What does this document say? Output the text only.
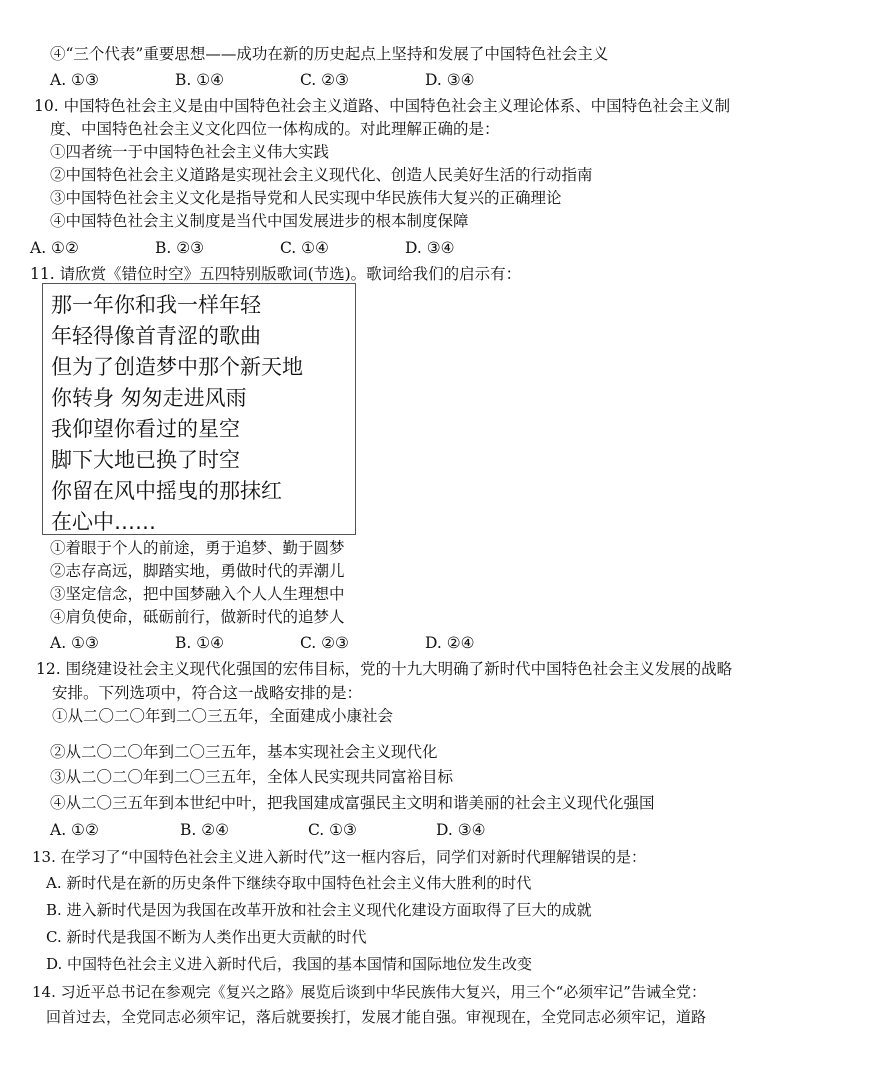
④“三个代表”重要思想——成功在新的历史起点上坚持和发展了中国特色社会主义
A. ①③	B. ①④	C. ②③	D. ③④
10. 中国特色社会主义是由中国特色社会主义道路、中国特色社会主义理论体系、中国特色社会主义制
度、中国特色社会主义文化四位一体构成的。对此理解正确的是：
①四者统一于中国特色社会主义伟大实践
②中国特色社会主义道路是实现社会主义现代化、创造人民美好生活的行动指南
③中国特色社会主义文化是指导党和人民实现中华民族伟大复兴的正确理论
④中国特色社会主义制度是当代中国发展进步的根本制度保障
A. ①②	B. ②③	C. ①④	D. ③④
11. 请欣赏《错位时空》五四特别版歌词(节选)。歌词给我们的启示有：
那一年你和我一样年轻
年轻得像首青涩的歌曲
但为了创造梦中那个新天地
你转身 匆匆走进风雨
我仰望你看过的星空
脚下大地已换了时空
你留在风中摇曳的那抹红
在心中……
①着眼于个人的前途，勇于追梦、勤于圆梦
②志存高远，脚踏实地，勇做时代的弄潮儿
③坚定信念，把中国梦融入个人人生理想中
④肩负使命，砥砺前行，做新时代的追梦人
A. ①③	B. ①④	C. ②③	D. ②④
12. 围绕建设社会主义现代化强国的宏伟目标，党的十九大明确了新时代中国特色社会主义发展的战略
安排。下列选项中，符合这一战略安排的是：
①从二〇二〇年到二〇三五年，全面建成小康社会
②从二〇二〇年到二〇三五年，基本实现社会主义现代化
③从二〇二〇年到二〇三五年，全体人民实现共同富裕目标
④从二〇三五年到本世纪中叶，把我国建成富强民主文明和谐美丽的社会主义现代化强国
A. ①②	B. ②④	C. ①③	D. ③④
13. 在学习了“中国特色社会主义进入新时代”这一框内容后，同学们对新时代理解错误的是：
A. 新时代是在新的历史条件下继续夺取中国特色社会主义伟大胜利的时代
B. 进入新时代是因为我国在改革开放和社会主义现代化建设方面取得了巨大的成就
C. 新时代是我国不断为人类作出更大贡献的时代
D. 中国特色社会主义进入新时代后，我国的基本国情和国际地位发生改变
14. 习近平总书记在参观完《复兴之路》展览后谈到中华民族伟大复兴，用三个“必须牢记”告诫全党：
回首过去，全党同志必须牢记，落后就要挨打，发展才能自强。审视现在，全党同志必须牢记，道路
